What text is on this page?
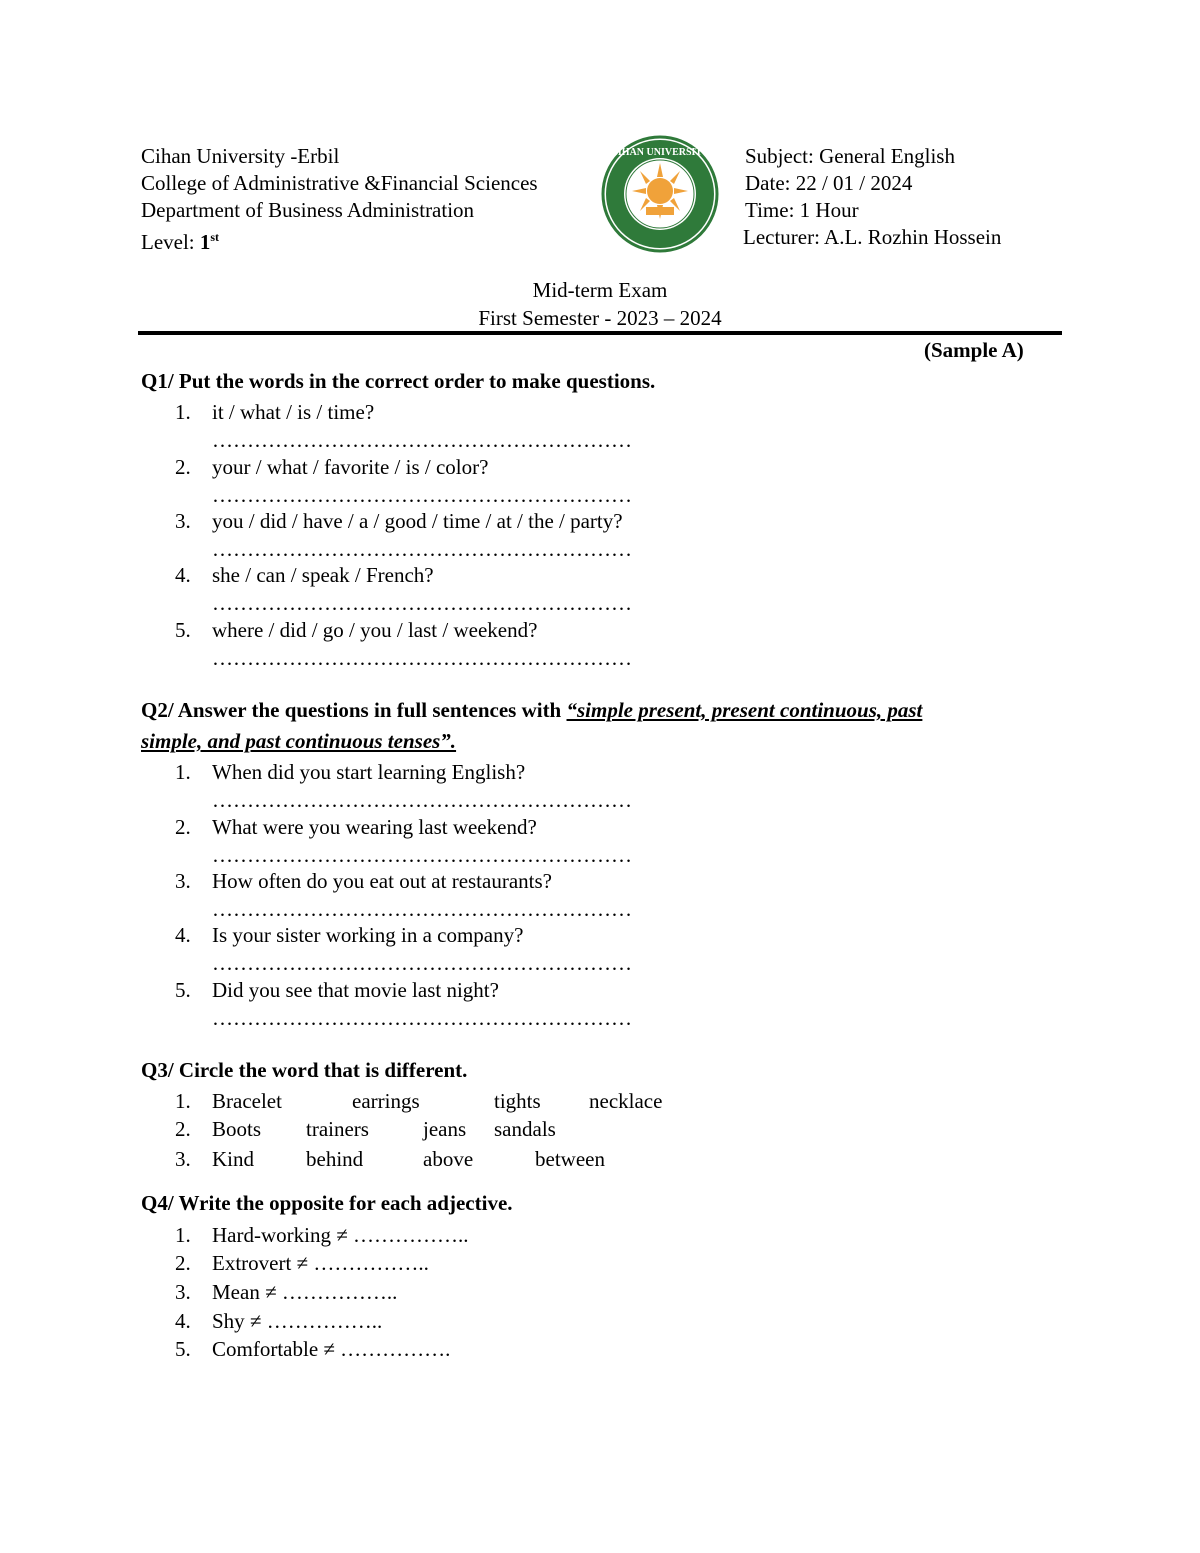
Cihan University -Erbil
College of Administrative &Financial Sciences
Department of Business Administration
Level: 1st
CIHAN UNIVERSITY Subject: General English
Date: 22 / 01 / 2024
Time: 1 Hour
Lecturer: A.L. Rozhin Hossein
Mid-term Exam
First Semester - 2023 – 2024
(Sample A)
Q1/ Put the words in the correct order to make questions.
1. it / what / is / time?
……………………………………………………
2. your / what / favorite / is / color?
……………………………………………………
3. you / did / have / a / good / time / at / the / party?
……………………………………………………
4. she / can / speak / French?
……………………………………………………
5. where / did / go / you / last / weekend?
……………………………………………………
Q2/ Answer the questions in full sentences with “simple present, present continuous, past
simple, and past continuous tenses”.
1. When did you start learning English?
……………………………………………………
2. What were you wearing last weekend?
……………………………………………………
3. How often do you eat out at restaurants?
……………………………………………………
4. Is your sister working in a company?
……………………………………………………
5. Did you see that movie last night?
……………………………………………………
Q3/ Circle the word that is different.
1. Bracelet	earrings	tights necklace
2. Boots trainers	jeans sandals
3. Kind behind	above	between
Q4/ Write the opposite for each adjective.
1. Hard-working ≠ ……………..
2. Extrovert ≠ ……………..
3. Mean ≠ ……………..
4. Shy ≠ ……………..
5. Comfortable ≠ …………….
